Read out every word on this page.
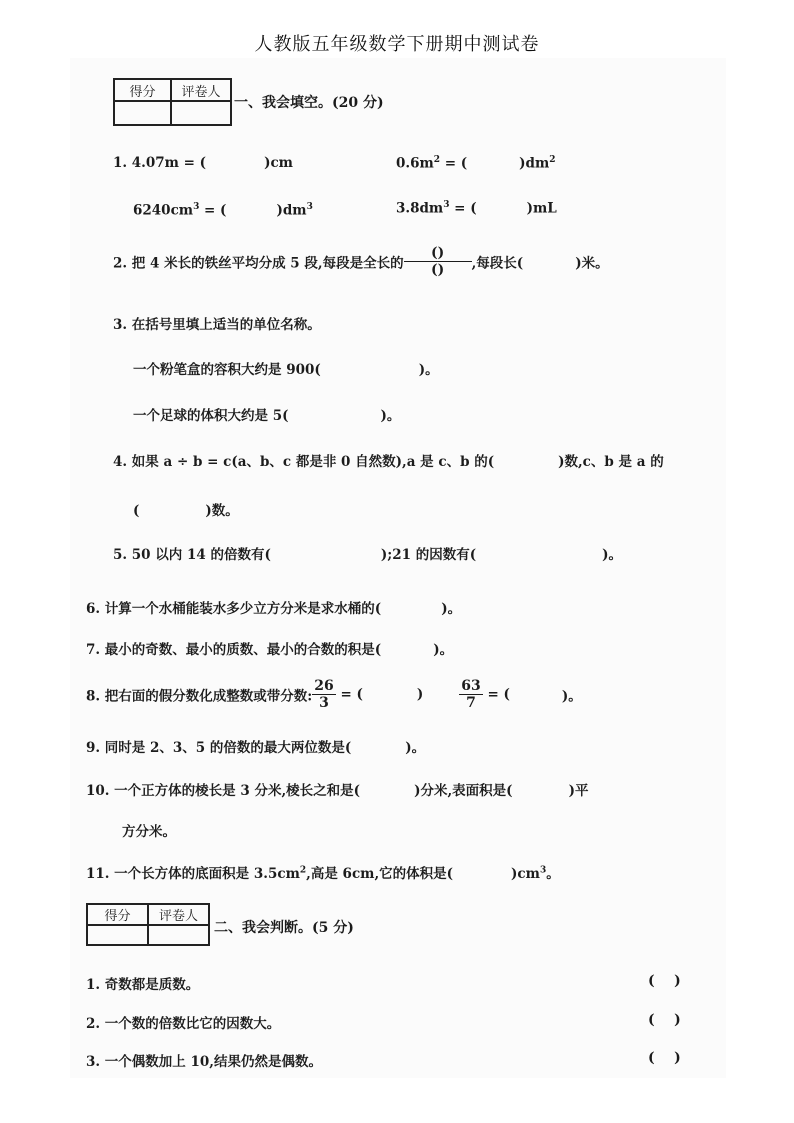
人教版五年级数学下册期中测试卷
得分	评卷人

一、我会填空。(20 分)
1. 4.07m = (	)cm	$0.6m^2$ = (	)$dm^2$
$6240cm^3$ = (	)$dm^3$	$3.8dm^3$ = (	)mL
2. 把 4 米长的铁丝平均分成 5 段,每段是全长的 $\frac{()}{()}$ ,每段长(	)米。
3. 在括号里填上适当的单位名称。
一个粉笔盒的容积大约是 900(	)。
一个足球的体积大约是 5(	)。
4. 如果 a ÷ b = c(a、b、c 都是非 0 自然数),a 是 c、b 的(	)数,c、b 是 a 的
(	)数。
5. 50 以内 14 的倍数有(	);21 的因数有(	)。
6. 计算一个水桶能装水多少立方分米是求水桶的(	)。
7. 最小的奇数、最小的质数、最小的合数的积是(	)。
8. 把右面的假分数化成整数或带分数: $\frac{26}{3}$ = (	)	$\frac{63}{7}$ = (	)。
9. 同时是 2、3、5 的倍数的最大两位数是(	)。
10. 一个正方体的棱长是 3 分米,棱长之和是(	)分米,表面积是(	)平
方分米。
11. 一个长方体的底面积是 $3.5cm^2$,高是 6cm,它的体积是(	)$cm^3$。
得分	评卷人

二、我会判断。(5 分)
1. 奇数都是质数。	(    )
2. 一个数的倍数比它的因数大。	(    )
3. 一个偶数加上 10,结果仍然是偶数。	(    )
